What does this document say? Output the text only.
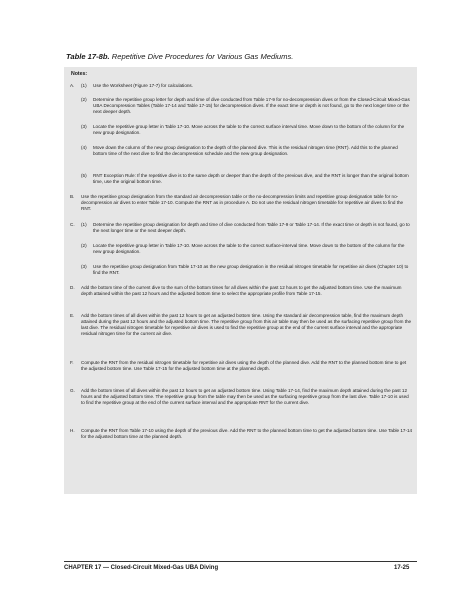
Table 17-8b. Repetitive Dive Procedures for Various Gas Mediums.
Notes:
A.	(1)	Use the Worksheet (Figure 17-7) for calculations.
(2)	Determine the repetitive group letter for depth and time of dive conducted from Table 17-9 for no-decompression dives or from the Closed-Circuit Mixed-Gas UBA Decompression Tables (Table 17-14 and Table 17-15) for decompression dives. If the exact time or depth is not found, go to the next longer time or the next deeper depth.
(3)	Locate the repetitive group letter in Table 17-10. Move across the table to the correct surface interval time. Move down to the bottom of the column for the new group designation.
(4)	Move down the column of the new group designation to the depth of the planned dive. This is the residual nitrogen time (RNT). Add this to the planned bottom time of the next dive to find the decompression schedule and the new group designation.
(5)	RNT Exception Rule: If the repetitive dive is to the same depth or deeper than the depth of the previous dive, and the RNT is longer than the original bottom time, use the original bottom time.
B.	Use the repetitive group designation from the standard air decompression table or the no-decompression limits and repetitive group designation table for no-decompression air dives to enter Table 17-10. Compute the RNT as in procedure A. Do not use the residual nitrogen timetable for repetitive air dives to find the RNT.
C.	(1)	Determine the repetitive group designation for depth and time of dive conducted from Table 17-9 or Table 17-14. If the exact time or depth is not found, go to the next longer time or the next deeper depth.
(2)	Locate the repetitive group letter in Table 17-10. Move across the table to the correct surface-interval time. Move down to the bottom of the column for the new group designation.
(3)	Use the repetitive group designation from Table 17-10 as the new group designation in the residual nitrogen timetable for repetitive air dives (Chapter 10) to find the RNT.
D.	Add the bottom time of the current dive to the sum of the bottom times for all dives within the past 12 hours to get the adjusted bottom time. Use the maximum depth attained within the past 12 hours and the adjusted bottom time to select the appropriate profile from Table 17-15.
E.	Add the bottom times of all dives within the past 12 hours to get an adjusted bottom time. Using the standard air decompression table, find the maximum depth attained during the past 12 hours and the adjusted bottom time. The repetitive group from this air table may then be used as the surfacing repetitive group from the last dive. The residual nitrogen timetable for repetitive air dives is used to find the repetitive group at the end of the current surface interval and the appropriate residual nitrogen time for the current air dive.
F.	Compute the RNT from the residual nitrogen timetable for repetitive air dives using the depth of the planned dive. Add the RNT to the planned bottom time to get the adjusted bottom time. Use Table 17-15 for the adjusted bottom time at the planned depth.
G.	Add the bottom times of all dives within the past 12 hours to get an adjusted bottom time. Using Table 17-14, find the maximum depth attained during the past 12 hours and the adjusted bottom time. The repetitive group from the table may then be used as the surfacing repetitive group from the last dive. Table 17-10 is used to find the repetitive group at the end of the current surface interval and the appropriate RNT for the current dive.
H.	Compute the RNT from Table 17-10 using the depth of the previous dive. Add the RNT to the planned bottom time to get the adjusted bottom time. Use Table 17-14 for the adjusted bottom time at the planned depth.
CHAPTER 17 — Closed-Circuit Mixed-Gas UBA Diving	17-25
